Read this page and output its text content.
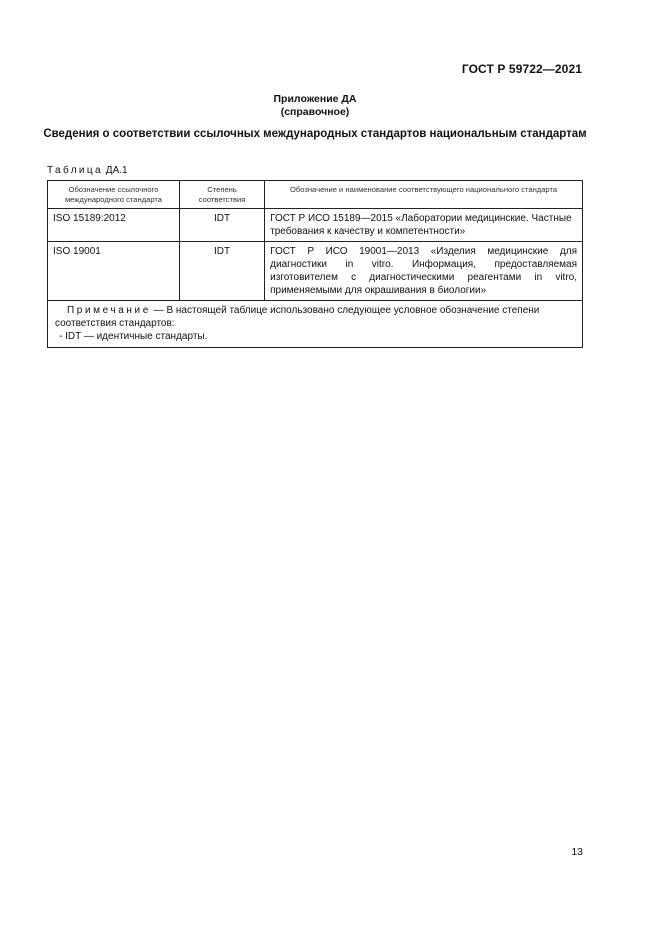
ГОСТ Р 59722—2021
Приложение ДА
(справочное)
Сведения о соответствии ссылочных международных стандартов национальным стандартам
Таблица ДА.1
Обозначение ссылочного международного стандарта	Степень соответствия	Обозначение и наименование соответствующего национального стандарта
ISO 15189:2012	IDT	ГОСТ Р ИСО 15189—2015 «Лаборатории медицинские. Частные требования к качеству и компетентности»
ISO 19001	IDT	ГОСТ Р ИСО 19001—2013 «Изделия медицинские для диагностики in vitro. Информация, предоставляемая изготовителем с диагностическими реагентами in vitro, применяемыми для окрашивания в биологии»

Примечание — В настоящей таблице использовано следующее условное обозначение степени соответствия стандартов:
- IDT — идентичные стандарты.		
13
